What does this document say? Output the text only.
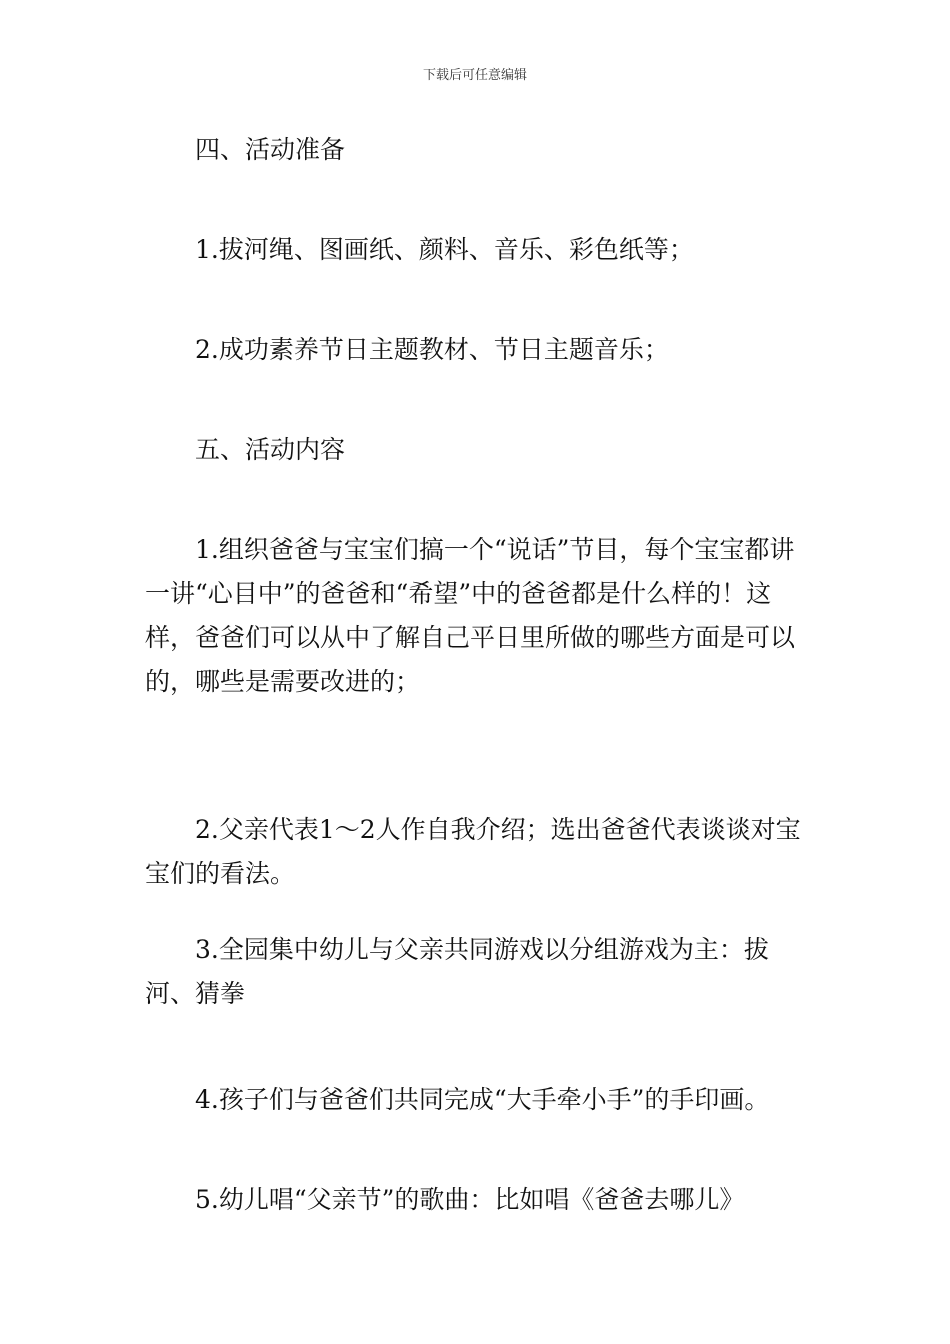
下载后可任意编辑

四、活动准备

1.拔河绳、图画纸、颜料、音乐、彩色纸等；

2.成功素养节日主题教材、节日主题音乐；

五、活动内容

1.组织爸爸与宝宝们搞一个“说话”节目，每个宝宝都讲一讲“心目中”的爸爸和“希望”中的爸爸都是什么样的！这样，爸爸们可以从中了解自己平日里所做的哪些方面是可以的，哪些是需要改进的；

2.父亲代表1～2人作自我介绍；选出爸爸代表谈谈对宝宝们的看法。

3.全园集中幼儿与父亲共同游戏以分组游戏为主：拔河、猜拳

4.孩子们与爸爸们共同完成“大手牵小手”的手印画。

5.幼儿唱“父亲节”的歌曲：比如唱《爸爸去哪儿》
